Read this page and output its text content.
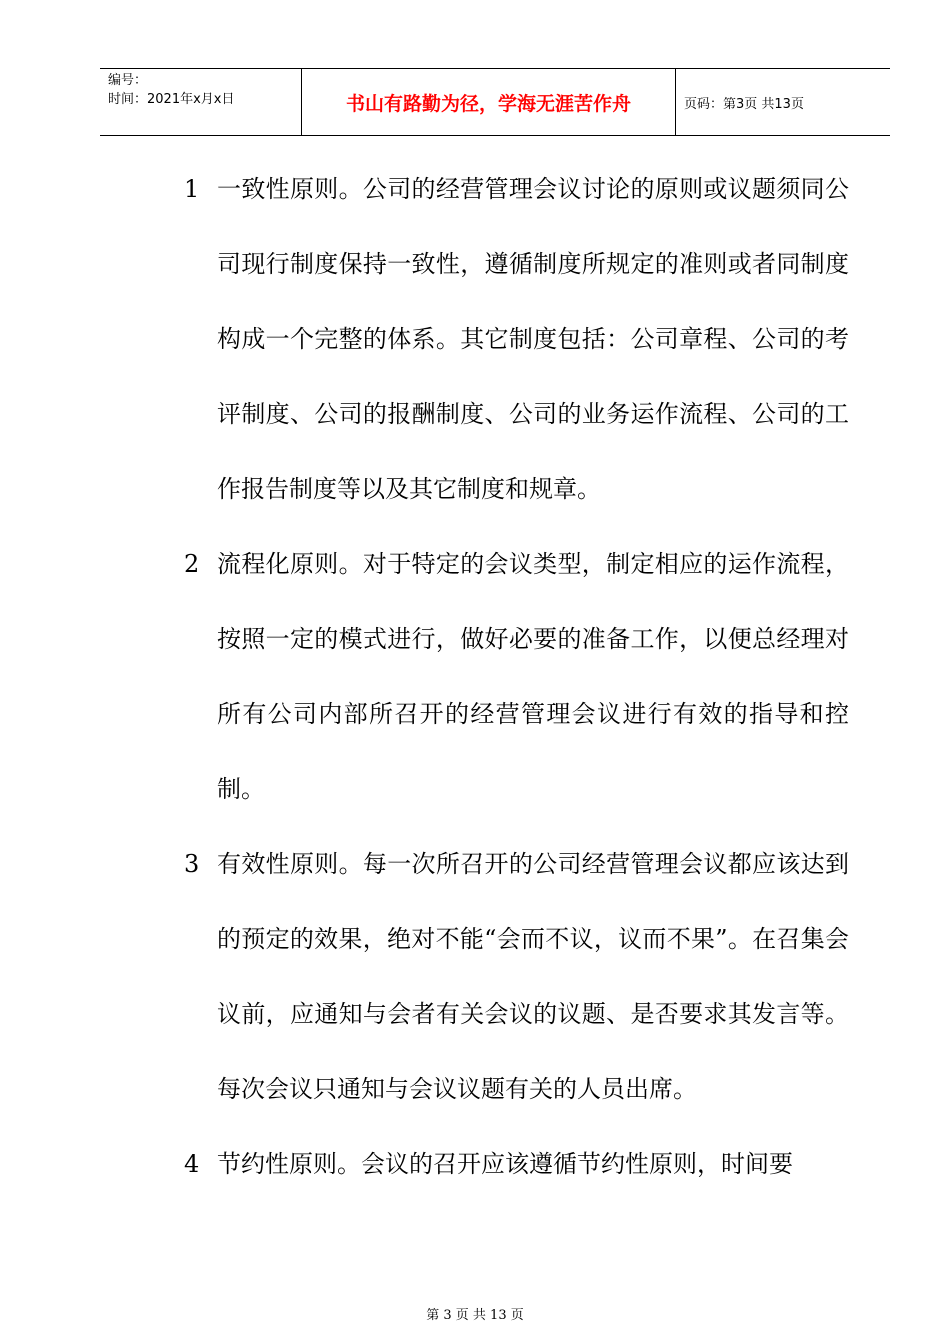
编号：
时间：2021年x月x日	书山有路勤为径，学海无涯苦作舟	页码：第3页 共13页
1 一致性原则。公司的经营管理会议讨论的原则或议题须同公司现行制度保持一致性，遵循制度所规定的准则或者同制度构成一个完整的体系。其它制度包括：公司章程、公司的考评制度、公司的报酬制度、公司的业务运作流程、公司的工作报告制度等以及其它制度和规章。
2 流程化原则。对于特定的会议类型，制定相应的运作流程，按照一定的模式进行，做好必要的准备工作，以便总经理对所有公司内部所召开的经营管理会议进行有效的指导和控制。
3 有效性原则。每一次所召开的公司经营管理会议都应该达到的预定的效果，绝对不能“会而不议，议而不果”。在召集会议前，应通知与会者有关会议的议题、是否要求其发言等。每次会议只通知与会议议题有关的人员出席。
4 节约性原则。会议的召开应该遵循节约性原则，时间要
第 3 页 共 13 页
